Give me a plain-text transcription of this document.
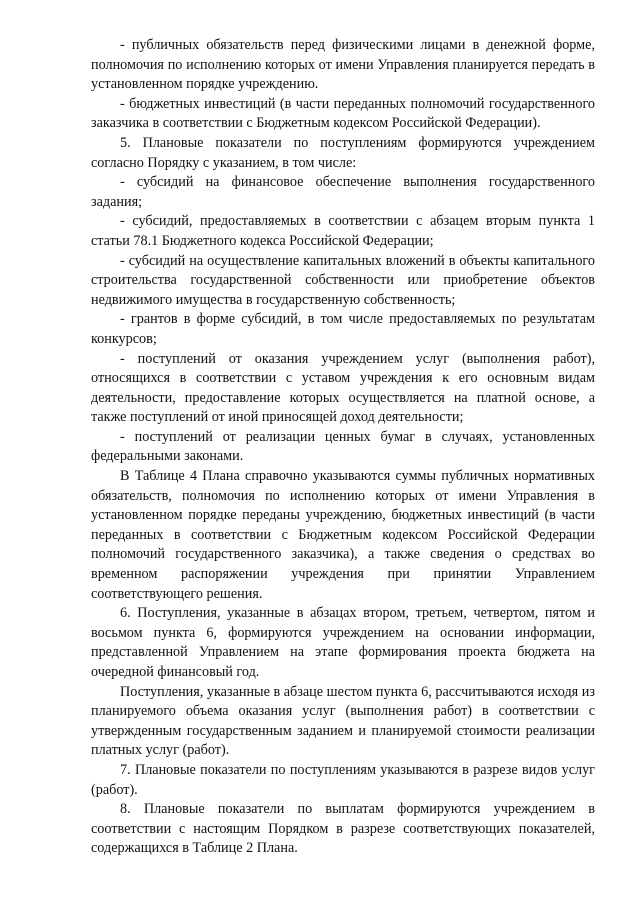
- публичных обязательств перед физическими лицами в денежной форме, полномочия по исполнению которых от имени Управления планируется передать в установленном порядке учреждению.

- бюджетных инвестиций (в части переданных полномочий государственного заказчика в соответствии с Бюджетным кодексом Российской Федерации).

5. Плановые показатели по поступлениям формируются учреждением согласно Порядку с указанием, в том числе:

- субсидий на финансовое обеспечение выполнения государственного задания;

- субсидий, предоставляемых в соответствии с абзацем вторым пункта 1 статьи 78.1 Бюджетного кодекса Российской Федерации;

- субсидий на осуществление капитальных вложений в объекты капитального строительства государственной собственности или приобретение объектов недвижимого имущества в государственную собственность;

- грантов в форме субсидий, в том числе предоставляемых по результатам конкурсов;

- поступлений от оказания учреждением услуг (выполнения работ), относящихся в соответствии с уставом учреждения к его основным видам деятельности, предоставление которых осуществляется на платной основе, а также поступлений от иной приносящей доход деятельности;

- поступлений от реализации ценных бумаг в случаях, установленных федеральными законами.

В Таблице 4 Плана справочно указываются суммы публичных нормативных обязательств, полномочия по исполнению которых от имени Управления в установленном порядке переданы учреждению, бюджетных инвестиций (в части переданных в соответствии с Бюджетным кодексом Российской Федерации полномочий государственного заказчика), а также сведения о средствах во временном распоряжении учреждения при принятии Управлением соответствующего решения.

6. Поступления, указанные в абзацах втором, третьем, четвертом, пятом и восьмом пункта 6, формируются учреждением на основании информации, представленной Управлением на этапе формирования проекта бюджета на очередной финансовый год.

Поступления, указанные в абзаце шестом пункта 6, рассчитываются исходя из планируемого объема оказания услуг (выполнения работ) в соответствии с утвержденным государственным заданием и планируемой стоимости реализации платных услуг (работ).

7. Плановые показатели по поступлениям указываются в разрезе видов услуг (работ).

8. Плановые показатели по выплатам формируются учреждением в соответствии с настоящим Порядком в разрезе соответствующих показателей, содержащихся в Таблице 2 Плана.
